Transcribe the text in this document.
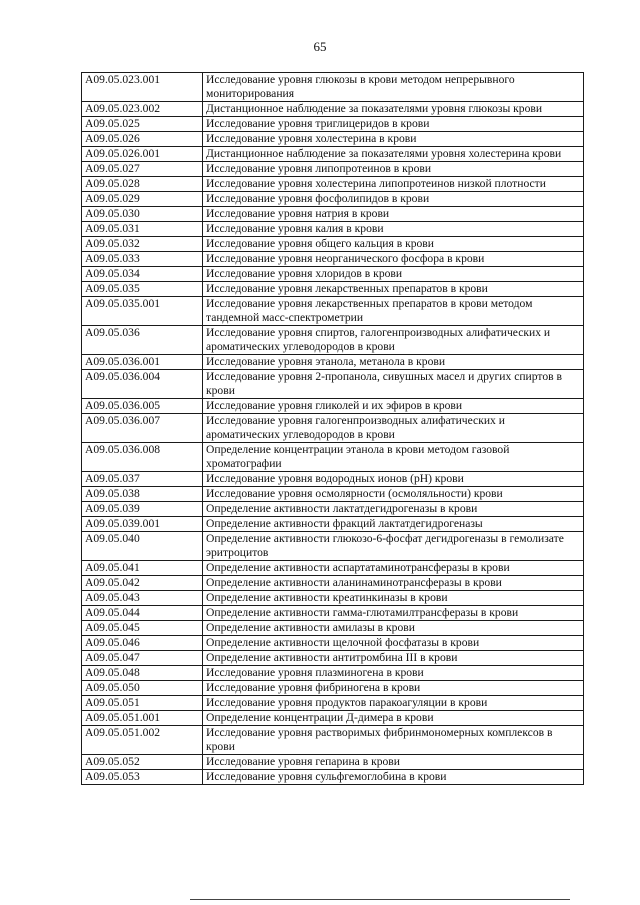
65
A09.05.023.001	Исследование уровня глюкозы в крови методом непрерывного мониторирования
A09.05.023.002	Дистанционное наблюдение за показателями уровня глюкозы крови
A09.05.025	Исследование уровня триглицеридов в крови
A09.05.026	Исследование уровня холестерина в крови
A09.05.026.001	Дистанционное наблюдение за показателями уровня холестерина крови
A09.05.027	Исследование уровня липопротеинов в крови
A09.05.028	Исследование уровня холестерина липопротеинов низкой плотности
A09.05.029	Исследование уровня фосфолипидов в крови
A09.05.030	Исследование уровня натрия в крови
A09.05.031	Исследование уровня калия в крови
A09.05.032	Исследование уровня общего кальция в крови
A09.05.033	Исследование уровня неорганического фосфора в крови
A09.05.034	Исследование уровня хлоридов в крови
A09.05.035	Исследование уровня лекарственных препаратов в крови
A09.05.035.001	Исследование уровня лекарственных препаратов в крови методом тандемной масс-спектрометрии
A09.05.036	Исследование уровня спиртов, галогенпроизводных алифатических и ароматических углеводородов в крови
A09.05.036.001	Исследование уровня этанола, метанола в крови
A09.05.036.004	Исследование уровня 2-пропанола, сивушных масел и других спиртов в крови
A09.05.036.005	Исследование уровня гликолей и их эфиров в крови
A09.05.036.007	Исследование уровня галогенпроизводных алифатических и ароматических углеводородов в крови
A09.05.036.008	Определение концентрации этанола в крови методом газовой хроматографии
A09.05.037	Исследование уровня водородных ионов (pH) крови
A09.05.038	Исследование уровня осмолярности (осмоляльности) крови
A09.05.039	Определение активности лактатдегидрогеназы в крови
A09.05.039.001	Определение активности фракций лактатдегидрогеназы
A09.05.040	Определение активности глюкозо-6-фосфат дегидрогеназы в гемолизате эритроцитов
A09.05.041	Определение активности аспартатаминотрансферазы в крови
A09.05.042	Определение активности аланинаминотрансферазы в крови
A09.05.043	Определение активности креатинкиназы в крови
A09.05.044	Определение активности гамма-глютамилтрансферазы в крови
A09.05.045	Определение активности амилазы в крови
A09.05.046	Определение активности щелочной фосфатазы в крови
A09.05.047	Определение активности антитромбина III в крови
A09.05.048	Исследование уровня плазминогена в крови
A09.05.050	Исследование уровня фибриногена в крови
A09.05.051	Исследование уровня продуктов паракоагуляции в крови
A09.05.051.001	Определение концентрации Д-димера в крови
A09.05.051.002	Исследование уровня растворимых фибринмономерных комплексов в крови
A09.05.052	Исследование уровня гепарина в крови
A09.05.053	Исследование уровня сульфгемоглобина в крови
